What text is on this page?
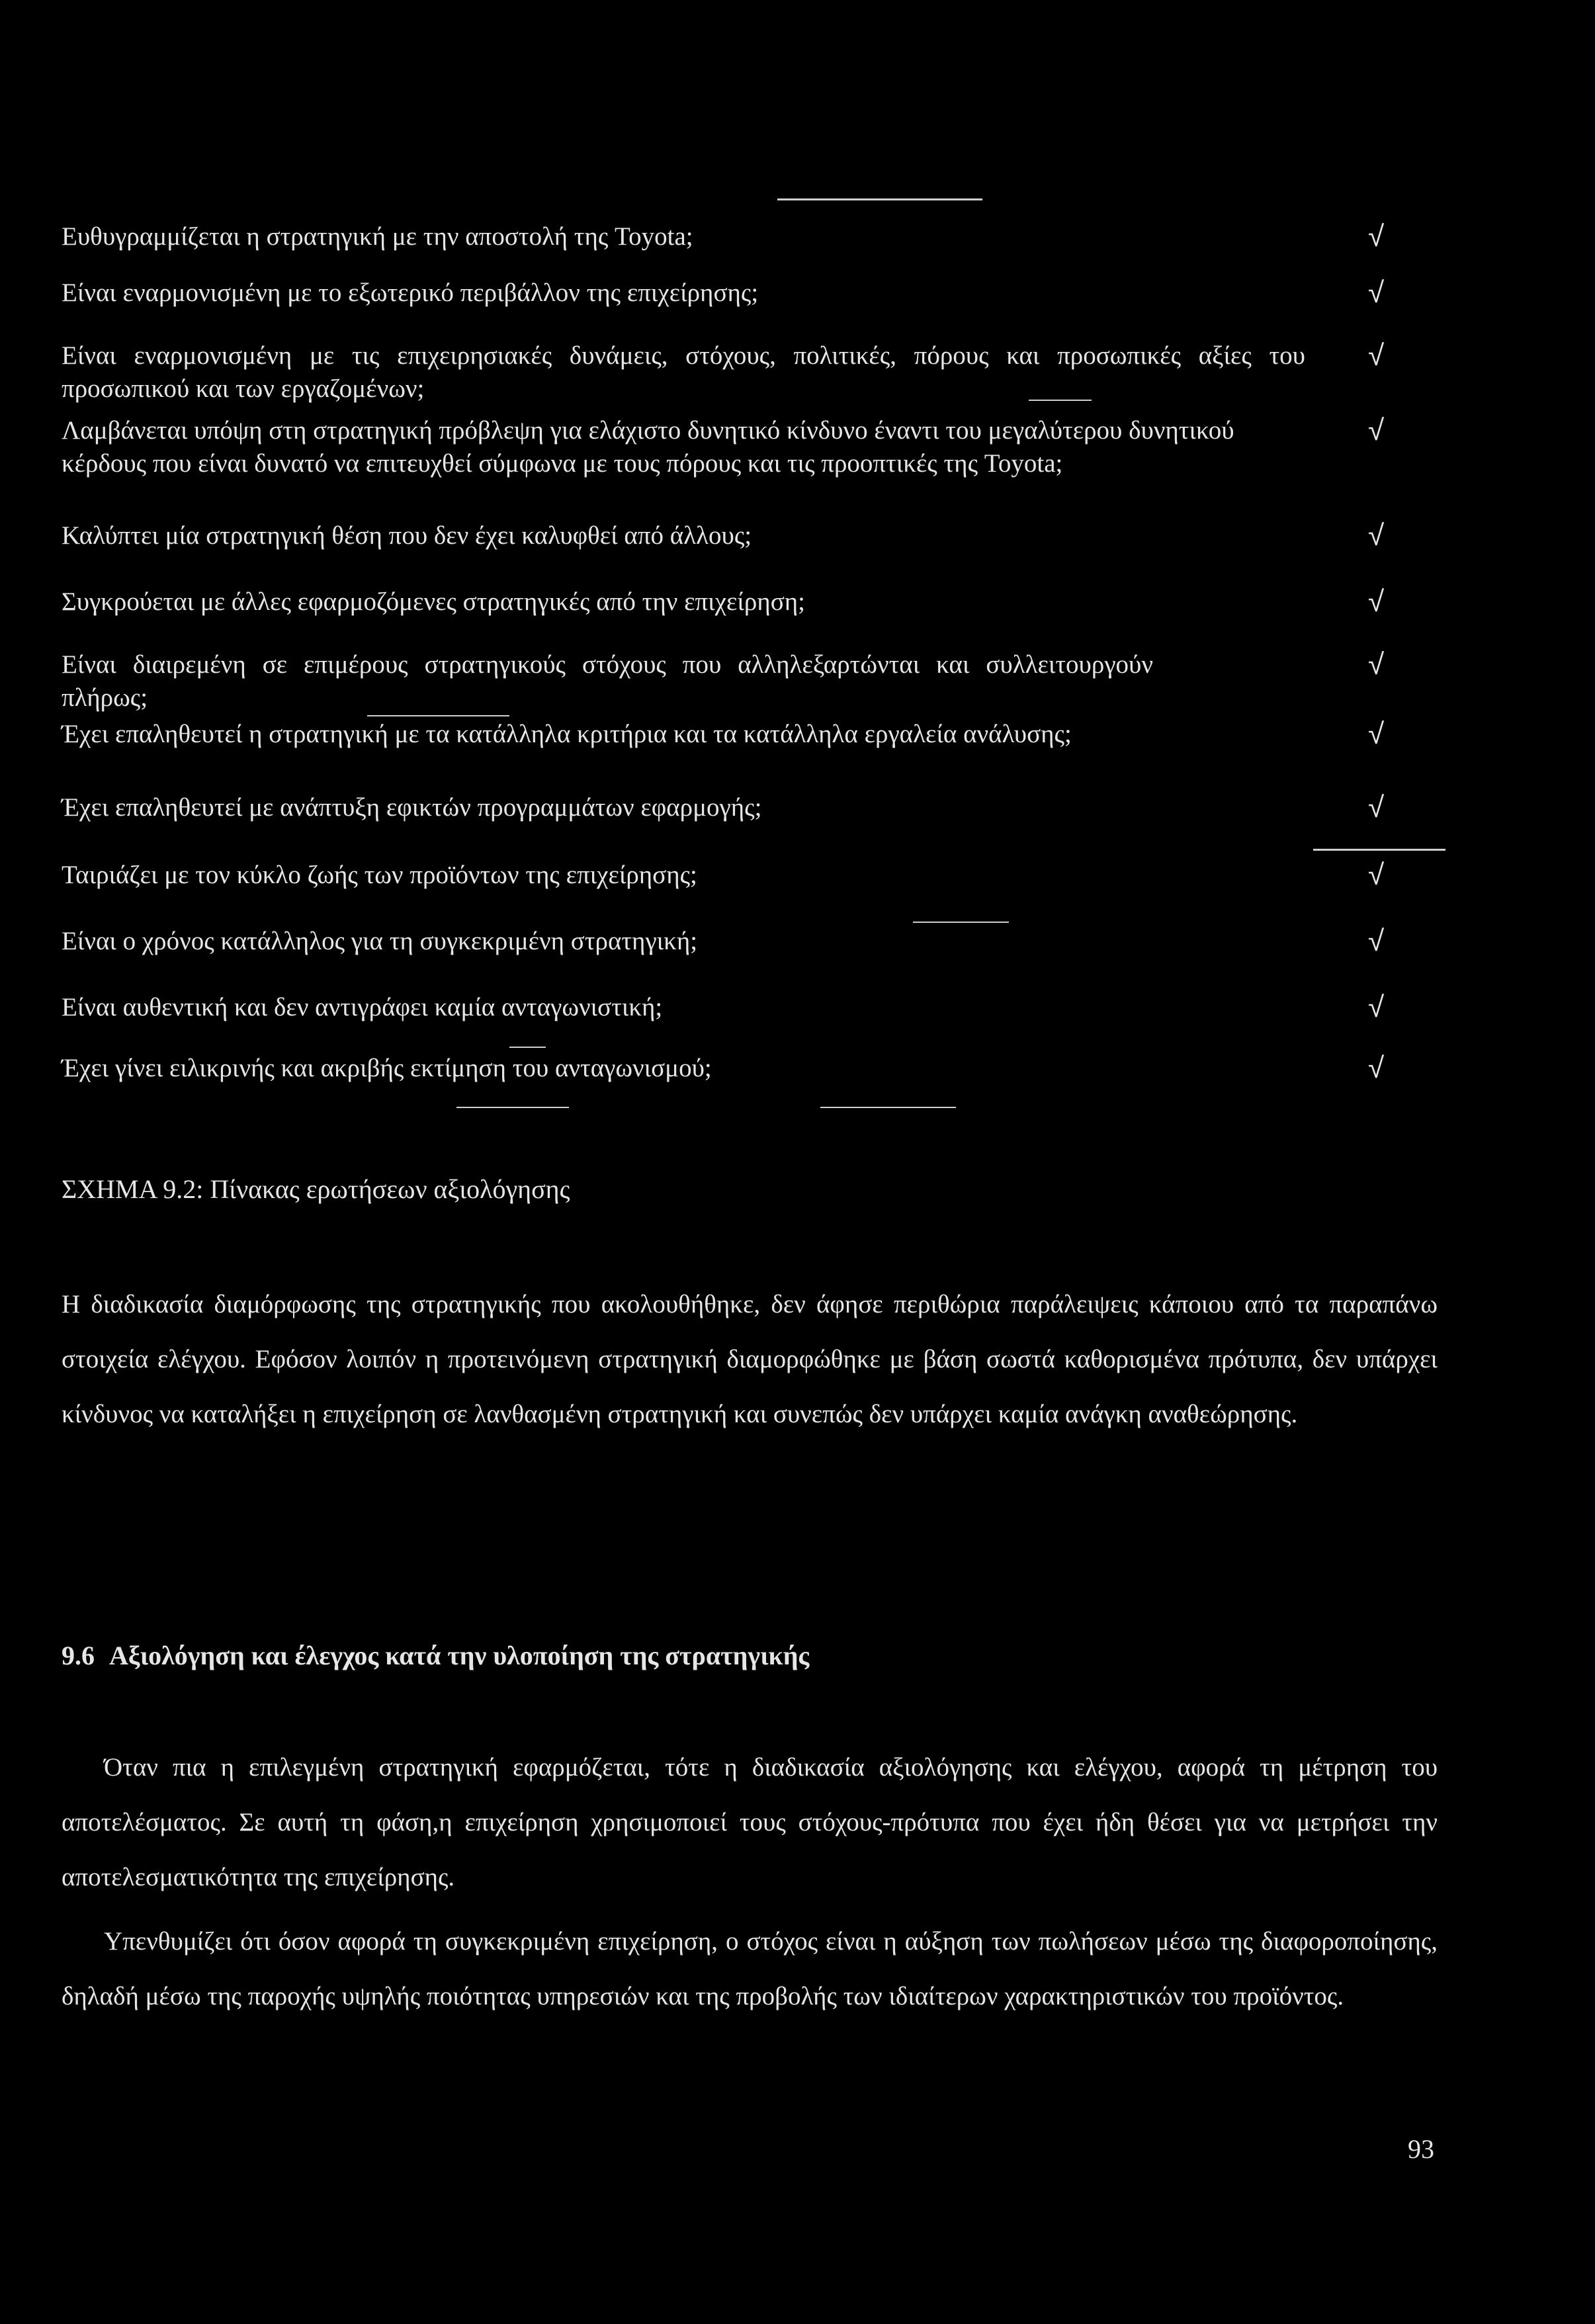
Ευθυγραμμίζεται η στρατηγική με την αποστολή της Toyota;	√
Είναι εναρμονισμένη με το εξωτερικό περιβάλλον της επιχείρησης;	√
Είναι εναρμονισμένη με τις επιχειρησιακές δυνάμεις, στόχους, πολιτικές, πόρους και προσωπικές αξίες του προσωπικού και των εργαζομένων;
√
Λαμβάνεται υπόψη στη στρατηγική πρόβλεψη για ελάχιστο δυνητικό κίνδυνο έναντι του μεγαλύτερου δυνητικού κέρδους που είναι δυνατό να επιτευχθεί σύμφωνα με τους πόρους και τις προοπτικές της Toyota;
√
Καλύπτει μία στρατηγική θέση που δεν έχει καλυφθεί από άλλους;	√
Συγκρούεται με άλλες εφαρμοζόμενες στρατηγικές από την επιχείρηση;	√
Είναι διαιρεμένη σε επιμέρους στρατηγικούς στόχους που αλληλεξαρτώνται και συλλειτουργούν πλήρως;
√
Έχει επαληθευτεί η στρατηγική με τα κατάλληλα κριτήρια και τα κατάλληλα εργαλεία ανάλυσης;	√
Έχει επαληθευτεί με ανάπτυξη εφικτών προγραμμάτων εφαρμογής;	√
Ταιριάζει με τον κύκλο ζωής των προϊόντων της επιχείρησης;	√
Είναι ο χρόνος κατάλληλος για τη συγκεκριμένη στρατηγική;	√
Είναι αυθεντική και δεν αντιγράφει καμία ανταγωνιστική;	√
Έχει γίνει ειλικρινής και ακριβής εκτίμηση του ανταγωνισμού;	√
ΣΧΗΜΑ 9.2: Πίνακας ερωτήσεων αξιολόγησης

Η διαδικασία διαμόρφωσης της στρατηγικής που ακολουθήθηκε, δεν άφησε περιθώρια παράλειψεις κάποιου από τα παραπάνω στοιχεία ελέγχου. Εφόσον λοιπόν η προτεινόμενη στρατηγική διαμορφώθηκε με βάση σωστά καθορισμένα πρότυπα, δεν υπάρχει κίνδυνος να καταλήξει η επιχείρηση σε λανθασμένη στρατηγική και συνεπώς δεν υπάρχει καμία ανάγκη αναθεώρησης.

9.6 Αξιολόγηση και έλεγχος κατά την υλοποίηση της στρατηγικής

Όταν πια η επιλεγμένη στρατηγική εφαρμόζεται, τότε η διαδικασία αξιολόγησης και ελέγχου, αφορά τη μέτρηση του αποτελέσματος. Σε αυτή τη φάση,η επιχείρηση χρησιμοποιεί τους στόχους-πρότυπα που έχει ήδη θέσει για να μετρήσει την αποτελεσματικότητα της επιχείρησης.

Υπενθυμίζει ότι όσον αφορά τη συγκεκριμένη επιχείρηση, ο στόχος είναι η αύξηση των πωλήσεων μέσω της διαφοροποίησης, δηλαδή μέσω της παροχής υψηλής ποιότητας υπηρεσιών και της προβολής των ιδιαίτερων χαρακτηριστικών του προϊόντος.

93
